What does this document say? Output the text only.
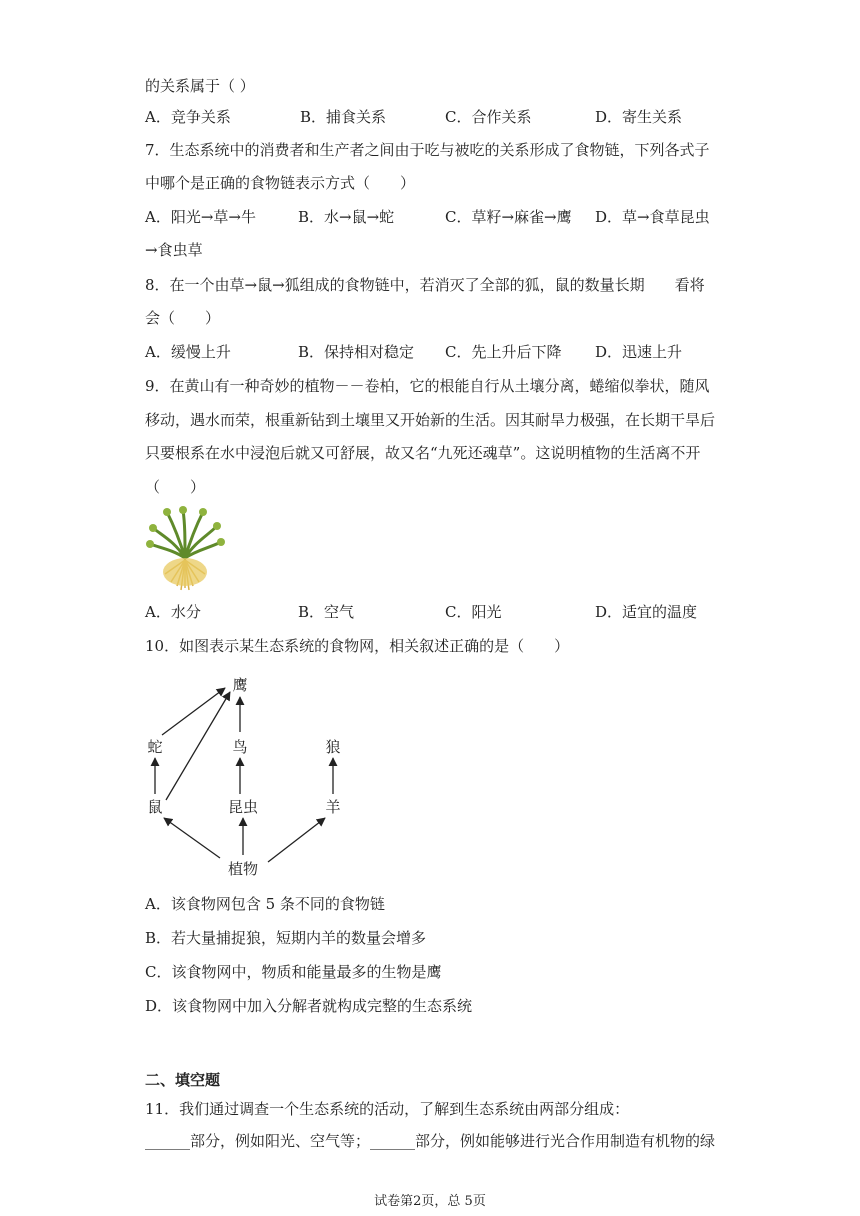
的关系属于（ ）
A．竞争关系	B．捕食关系	C．合作关系	D．寄生关系
7．生态系统中的消费者和生产者之间由于吃与被吃的关系形成了食物链，下列各式子
中哪个是正确的食物链表示方式（　　）
A．阳光→草→牛	B．水→鼠→蛇	C．草籽→麻雀→鹰 D．草→食草昆虫
→食虫草
8．在一个由草→鼠→狐组成的食物链中，若消灭了全部的狐，鼠的数量长期　　看将
会（　　）
A．缓慢上升	B．保持相对稳定 C．先上升后下降 D．迅速上升
9．在黄山有一种奇妙的植物－－卷柏，它的根能自行从土壤分离，蜷缩似拳状，随风
移动，遇水而荣，根重新钻到土壤里又开始新的生活。因其耐旱力极强，在长期干旱后
只要根系在水中浸泡后就又可舒展，故又名“九死还魂草”。这说明植物的生活离不开
（　　）
A．水分	B．空气	C．阳光	D．适宜的温度
10．如图表示某生态系统的食物网，相关叙述正确的是（　　）
鹰
蛇	鸟	狼
鼠	昆虫	羊
植物
A．该食物网包含 5 条不同的食物链
B．若大量捕捉狼，短期内羊的数量会增多
C．该食物网中，物质和能量最多的生物是鹰
D．该食物网中加入分解者就构成完整的生态系统
二、填空题
11．我们通过调查一个生态系统的活动，了解到生态系统由两部分组成：
______部分，例如阳光、空气等；______部分，例如能够进行光合作用制造有机物的绿
试卷第2页，总 5页
